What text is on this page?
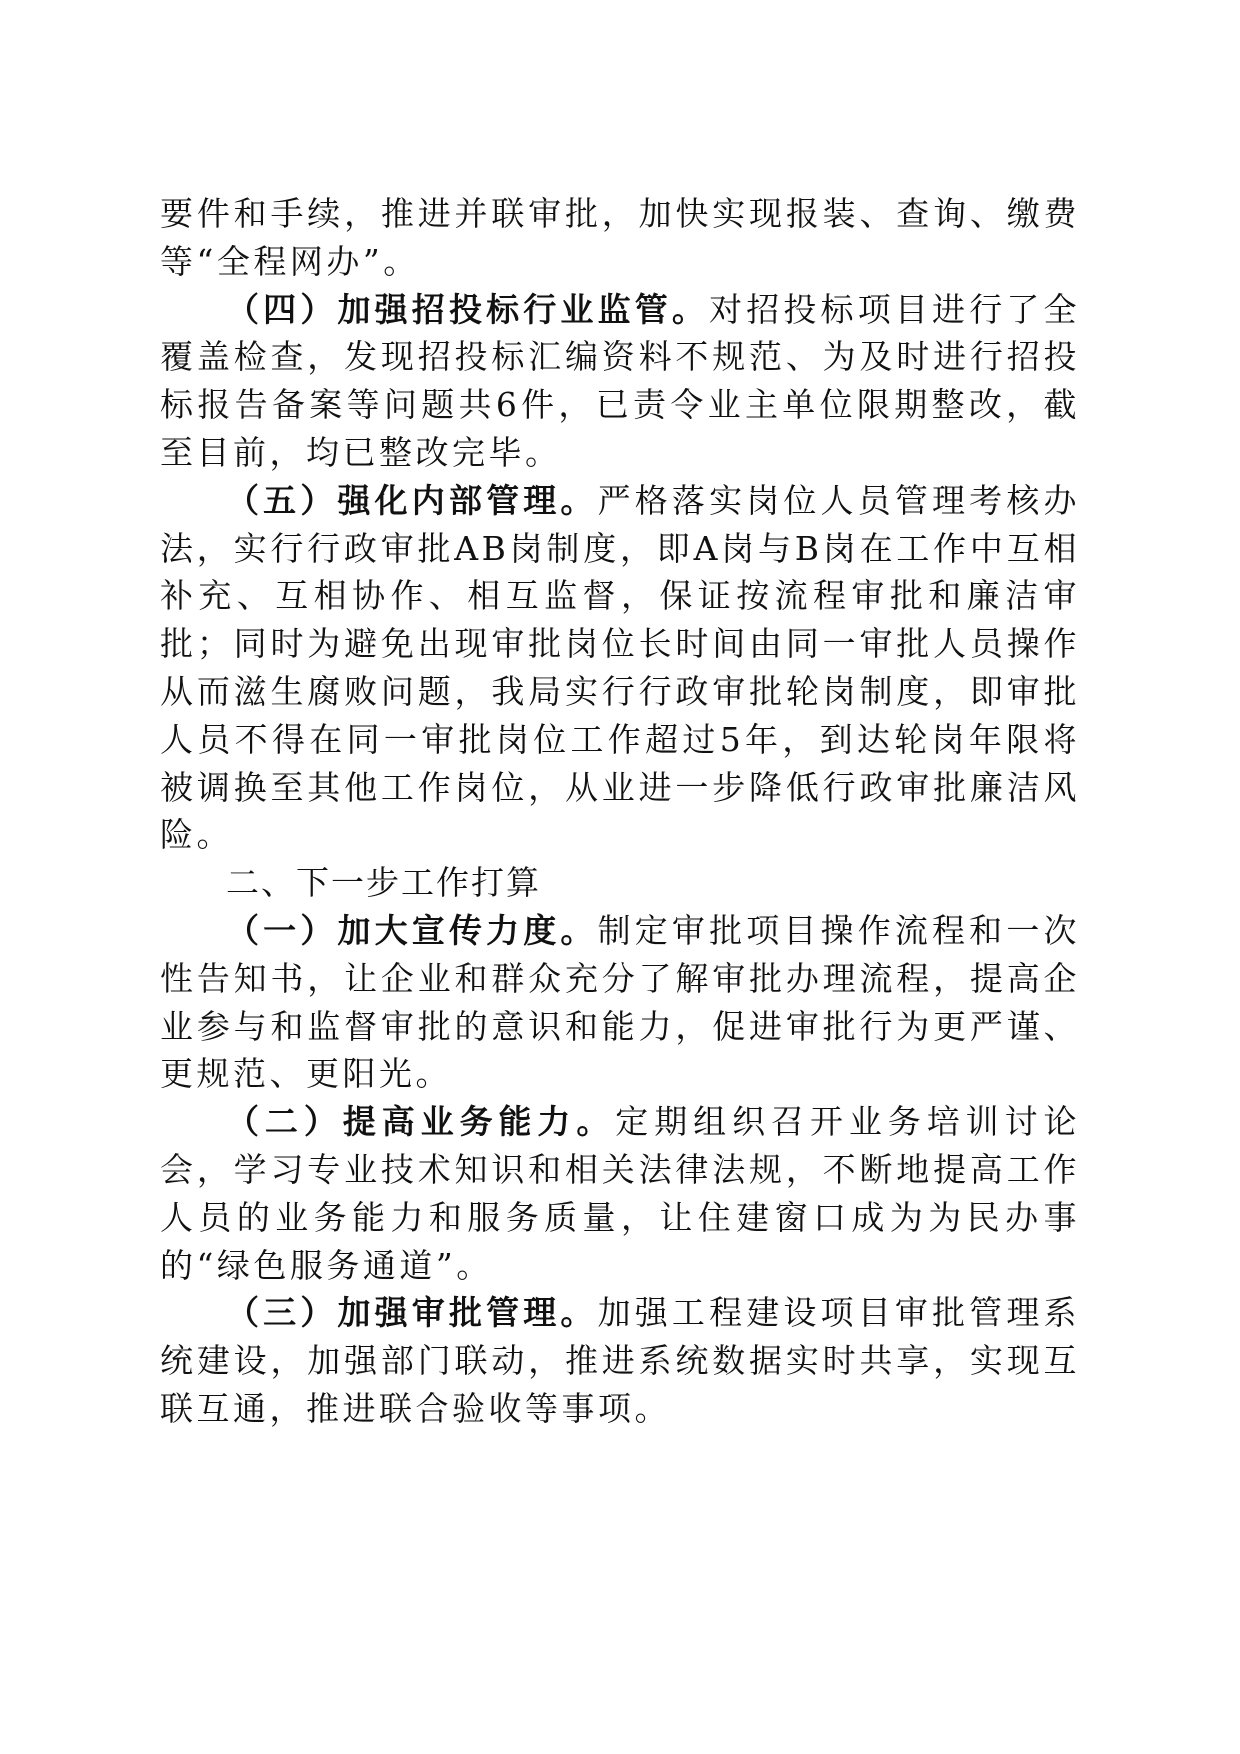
要件和手续，推进并联审批，加快实现报装、查询、缴费等“全程网办”。

（四）加强招投标行业监管。对招投标项目进行了全覆盖检查，发现招投标汇编资料不规范、为及时进行招投标报告备案等问题共6件，已责令业主单位限期整改，截至目前，均已整改完毕。

（五）强化内部管理。严格落实岗位人员管理考核办法，实行行政审批AB岗制度，即A岗与B岗在工作中互相补充、互相协作、相互监督，保证按流程审批和廉洁审批；同时为避免出现审批岗位长时间由同一审批人员操作从而滋生腐败问题，我局实行行政审批轮岗制度，即审批人员不得在同一审批岗位工作超过5年，到达轮岗年限将被调换至其他工作岗位，从业进一步降低行政审批廉洁风险。

二、下一步工作打算

（一）加大宣传力度。制定审批项目操作流程和一次性告知书，让企业和群众充分了解审批办理流程，提高企业参与和监督审批的意识和能力，促进审批行为更严谨、更规范、更阳光。

（二）提高业务能力。定期组织召开业务培训讨论会，学习专业技术知识和相关法律法规，不断地提高工作人员的业务能力和服务质量，让住建窗口成为为民办事的“绿色服务通道”。

（三）加强审批管理。加强工程建设项目审批管理系统建设，加强部门联动，推进系统数据实时共享，实现互联互通，推进联合验收等事项。
